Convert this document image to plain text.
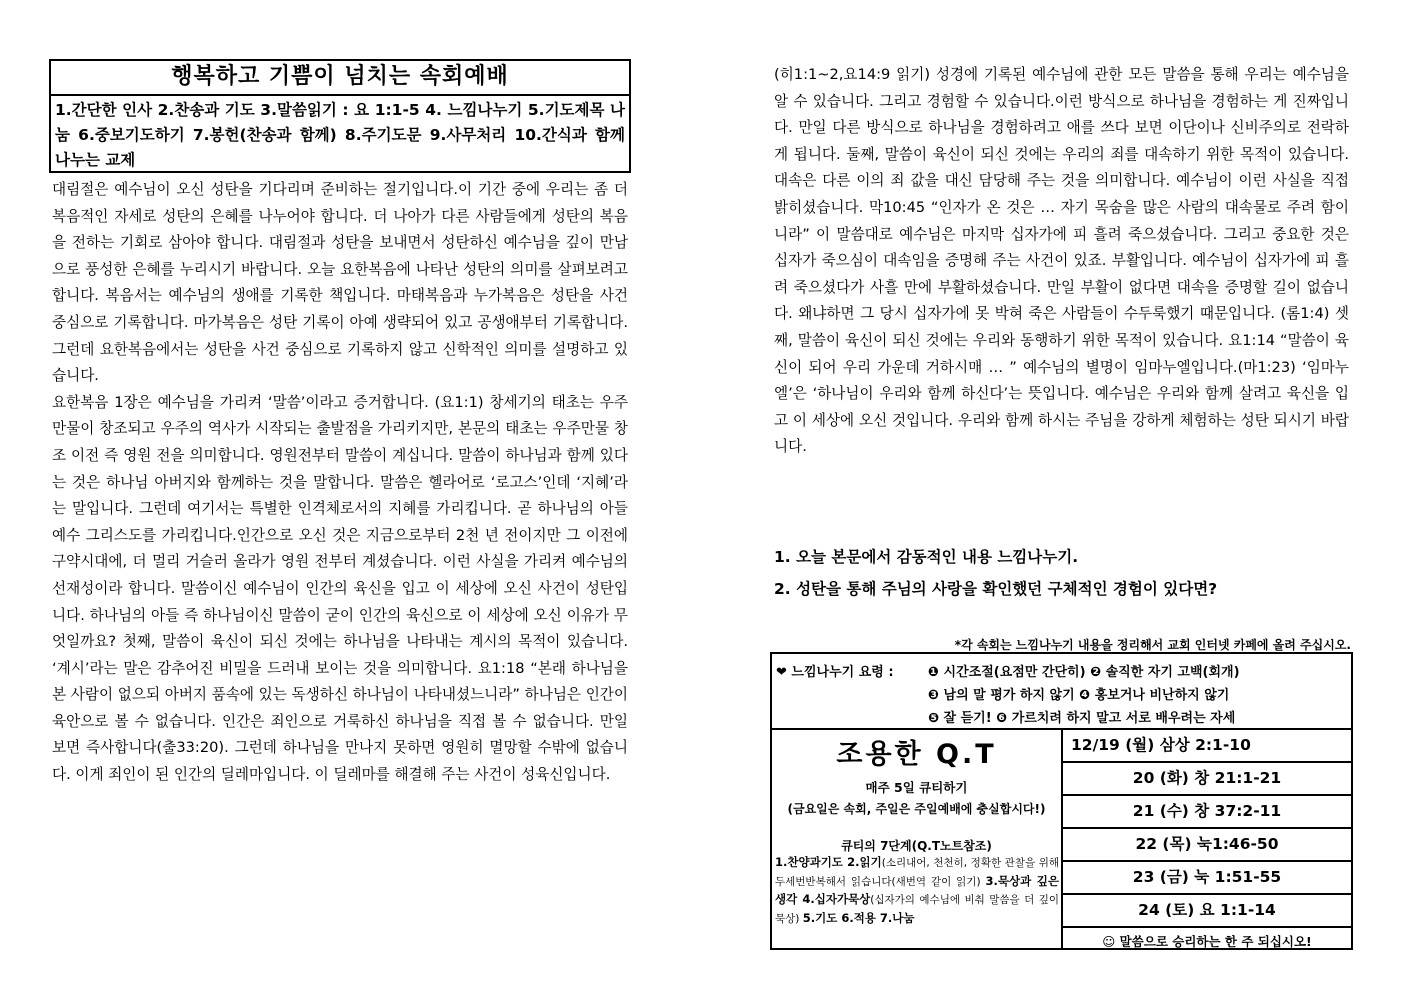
행복하고 기쁨이 넘치는 속회예배
1.간단한 인사 2.찬송과 기도 3.말씀읽기 : 요 1:1-5 4. 느낌나누기 5.기도제목 나눔 6.중보기도하기 7.봉헌(찬송과 함께) 8.주기도문 9.사무처리 10.간식과 함께 나누는 교제

대림절은 예수님이 오신 성탄을 기다리며 준비하는 절기입니다.이 기간 중에 우리는 좀 더 복음적인 자세로 성탄의 은혜를 나누어야 합니다. 더 나아가 다른 사람들에게 성탄의 복음을 전하는 기회로 삼아야 합니다. 대림절과 성탄을 보내면서 성탄하신 예수님을 깊이 만남으로 풍성한 은혜를 누리시기 바랍니다. 오늘 요한복음에 나타난 성탄의 의미를 살펴보려고 합니다. 복음서는 예수님의 생애를 기록한 책입니다. 마태복음과 누가복음은 성탄을 사건 중심으로 기록합니다. 마가복음은 성탄 기록이 아예 생략되어 있고 공생애부터 기록합니다. 그런데 요한복음에서는 성탄을 사건 중심으로 기록하지 않고 신학적인 의미를 설명하고 있습니다.

요한복음 1장은 예수님을 가리켜 ‘말씀’이라고 증거합니다. (요1:1) 창세기의 태초는 우주만물이 창조되고 우주의 역사가 시작되는 출발점을 가리키지만, 본문의 태초는 우주만물 창조 이전 즉 영원 전을 의미합니다. 영원전부터 말씀이 계십니다. 말씀이 하나님과 함께 있다는 것은 하나님 아버지와 함께하는 것을 말합니다. 말씀은 헬라어로 ‘로고스’인데 ‘지혜’라는 말입니다. 그런데 여기서는 특별한 인격체로서의 지혜를 가리킵니다. 곧 하나님의 아들 예수 그리스도를 가리킵니다.인간으로 오신 것은 지금으로부터 2천 년 전이지만 그 이전에 구약시대에, 더 멀리 거슬러 올라가 영원 전부터 계셨습니다. 이런 사실을 가리켜 예수님의 선재성이라 합니다. 말씀이신 예수님이 인간의 육신을 입고 이 세상에 오신 사건이 성탄입니다. 하나님의 아들 즉 하나님이신 말씀이 굳이 인간의 육신으로 이 세상에 오신 이유가 무엇일까요? 첫째, 말씀이 육신이 되신 것에는 하나님을 나타내는 계시의 목적이 있습니다. ‘계시’라는 말은 감추어진 비밀을 드러내 보이는 것을 의미합니다. 요1:18 “본래 하나님을 본 사람이 없으되 아버지 품속에 있는 독생하신 하나님이 나타내셨느니라” 하나님은 인간이 육안으로 볼 수 없습니다. 인간은 죄인으로 거룩하신 하나님을 직접 볼 수 없습니다. 만일 보면 즉사합니다(출33:20). 그런데 하나님을 만나지 못하면 영원히 멸망할 수밖에 없습니다. 이게 죄인이 된 인간의 딜레마입니다. 이 딜레마를 해결해 주는 사건이 성육신입니다.

(히1:1~2,요14:9 읽기) 성경에 기록된 예수님에 관한 모든 말씀을 통해 우리는 예수님을 알 수 있습니다. 그리고 경험할 수 있습니다.이런 방식으로 하나님을 경험하는 게 진짜입니다. 만일 다른 방식으로 하나님을 경험하려고 애를 쓰다 보면 이단이나 신비주의로 전락하게 됩니다. 둘째, 말씀이 육신이 되신 것에는 우리의 죄를 대속하기 위한 목적이 있습니다. 대속은 다른 이의 죄 값을 대신 담당해 주는 것을 의미합니다. 예수님이 이런 사실을 직접 밝히셨습니다. 막10:45 “인자가 온 것은 … 자기 목숨을 많은 사람의 대속물로 주려 함이니라” 이 말씀대로 예수님은 마지막 십자가에 피 흘려 죽으셨습니다. 그리고 중요한 것은 십자가 죽으심이 대속임을 증명해 주는 사건이 있죠. 부활입니다. 예수님이 십자가에 피 흘려 죽으셨다가 사흘 만에 부활하셨습니다. 만일 부활이 없다면 대속을 증명할 길이 없습니다. 왜냐하면 그 당시 십자가에 못 박혀 죽은 사람들이 수두룩했기 때문입니다. (롬1:4) 셋째, 말씀이 육신이 되신 것에는 우리와 동행하기 위한 목적이 있습니다. 요1:14 “말씀이 육신이 되어 우리 가운데 거하시매 … ” 예수님의 별명이 임마누엘입니다.(마1:23) ‘임마누엘’은 ‘하나님이 우리와 함께 하신다’는 뜻입니다. 예수님은 우리와 함께 살려고 육신을 입고 이 세상에 오신 것입니다. 우리와 함께 하시는 주님을 강하게 체험하는 성탄 되시기 바랍니다.

1. 오늘 본문에서 감동적인 내용 느낌나누기.
2. 성탄을 통해 주님의 사랑을 확인했던 구체적인 경험이 있다면?
*각 속회는 느낌나누기 내용을 정리해서 교회 인터넷 카페에 올려 주십시오.
❤ 느낌나누기 요령 :	❶ 시간조절(요점만 간단히) ❷ 솔직한 자기 고백(회개)
❸ 남의 말 평가 하지 않기 ❹ 홍보거나 비난하지 않기
❺ 잘 듣기! ❻ 가르치려 하지 말고 서로 배우려는 자세
조용한 Q.T
매주 5일 큐티하기
(금요일은 속회, 주일은 주일예배에 충실합시다!)
큐티의 7단계(Q.T노트참조)
1.찬양과기도 2.읽기(소리내어, 천천히, 정확한 관찰을 위해 두세번반복해서 읽습니다(새번역 같이 읽기) 3.묵상과 깊은 생각 4.십자가묵상(십자가의 예수님에 비춰 말씀을 더 깊이 묵상) 5.기도 6.적용 7.나눔
12/19 (월) 삼상 2:1-10
20 (화) 창 21:1-21
21 (수) 창 37:2-11
22 (목) 눅1:46-50
23 (금) 눅 1:51-55
24 (토) 요 1:1-14
☺ 말씀으로 승리하는 한 주 되십시오!
